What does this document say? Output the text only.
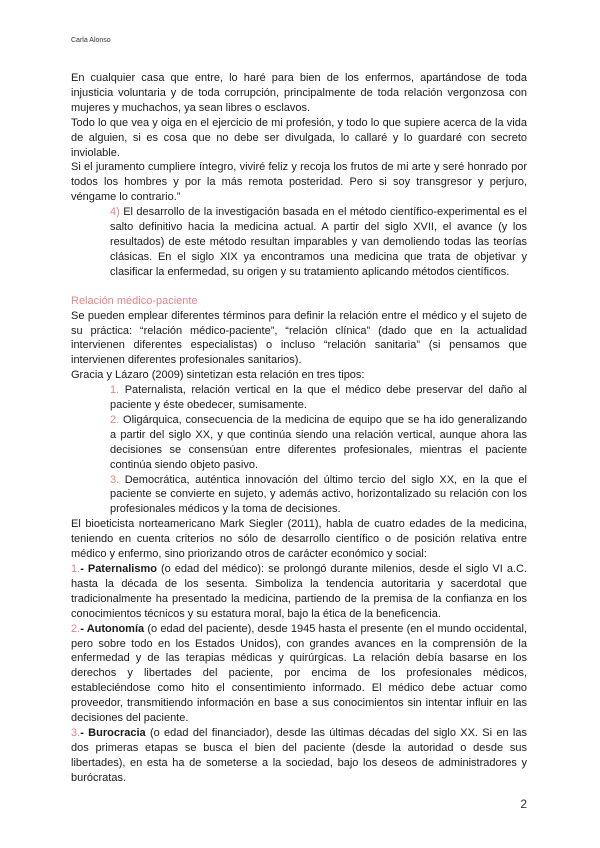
Carla Alonso

En cualquier casa que entre, lo haré para bien de los enfermos, apartándose de toda injusticia voluntaria y de toda corrupción, principalmente de toda relación vergonzosa con mujeres y muchachos, ya sean libres o esclavos.

Todo lo que vea y oiga en el ejercicio de mi profesión, y todo lo que supiere acerca de la vida de alguien, si es cosa que no debe ser divulgada, lo callaré y lo guardaré con secreto inviolable.

Si el juramento cumpliere íntegro, viviré feliz y recoja los frutos de mi arte y seré honrado por todos los hombres y por la más remota posteridad. Pero si soy transgresor y perjuro, véngame lo contrario.”

4) El desarrollo de la investigación basada en el método científico-experimental es el salto definitivo hacia la medicina actual. A partir del siglo XVII, el avance (y los resultados) de este método resultan imparables y van demoliendo todas las teorías clásicas. En el siglo XIX ya encontramos una medicina que trata de objetivar y clasificar la enfermedad, su origen y su tratamiento aplicando métodos científicos.

Relación médico-paciente

Se pueden emplear diferentes términos para definir la relación entre el médico y el sujeto de su práctica: “relación médico-paciente”, “relación clínica” (dado que en la actualidad intervienen diferentes especialistas) o incluso “relación sanitaria” (si pensamos que intervienen diferentes profesionales sanitarios).

Gracia y Lázaro (2009) sintetizan esta relación en tres tipos:

1. Paternalista, relación vertical en la que el médico debe preservar del daño al paciente y éste obedecer, sumisamente.

2. Oligárquica, consecuencia de la medicina de equipo que se ha ido generalizando a partir del siglo XX, y que continúa siendo una relación vertical, aunque ahora las decisiones se consensúan entre diferentes profesionales, mientras el paciente continúa siendo objeto pasivo.

3. Democrática, auténtica innovación del último tercio del siglo XX, en la que el paciente se convierte en sujeto, y además activo, horizontalizado su relación con los profesionales médicos y la toma de decisiones.

El bioeticista norteamericano Mark Siegler (2011), habla de cuatro edades de la medicina, teniendo en cuenta criterios no sólo de desarrollo científico o de posición relativa entre médico y enfermo, sino priorizando otros de carácter económico y social:

1.- Paternalismo (o edad del médico): se prolongó durante milenios, desde el siglo VI a.C. hasta la década de los sesenta. Simboliza la tendencia autoritaria y sacerdotal que tradicionalmente ha presentado la medicina, partiendo de la premisa de la confianza en los conocimientos técnicos y su estatura moral, bajo la ética de la beneficencia.

2.- Autonomía (o edad del paciente), desde 1945 hasta el presente (en el mundo occidental, pero sobre todo en los Estados Unidos), con grandes avances en la comprensión de la enfermedad y de las terapias médicas y quirúrgicas. La relación debía basarse en los derechos y libertades del paciente, por encima de los profesionales médicos, estableciéndose como hito el consentimiento informado. El médico debe actuar como proveedor, transmitiendo información en base a sus conocimientos sin intentar influir en las decisiones del paciente.

3.- Burocracia (o edad del financiador), desde las últimas décadas del siglo XX. Si en las dos primeras etapas se busca el bien del paciente (desde la autoridad o desde sus libertades), en esta ha de someterse a la sociedad, bajo los deseos de administradores y burócratas.

2
